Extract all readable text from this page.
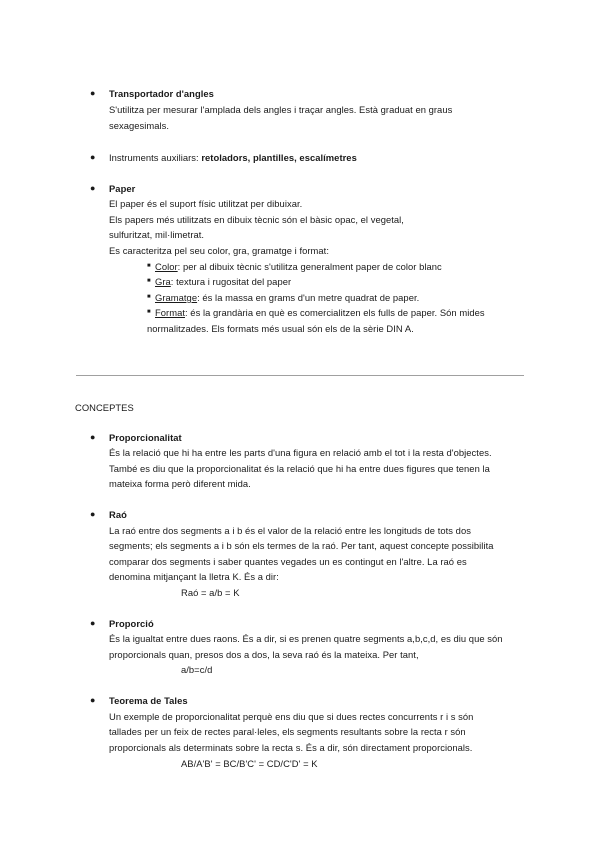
● Transportador d'angles
S'utilitza per mesurar l'amplada dels angles i traçar angles. Està graduat en graus
sexagesimals.
● Instruments auxiliars: retoladors, plantilles, escalímetres
● Paper
El paper és el suport físic utilitzat per dibuixar.
Els papers més utilitzats en dibuix tècnic són el bàsic opac, el vegetal,
sulfuritzat, mil·limetrat.
Es caracteritza pel seu color, gra, gramatge i format:
■ Color: per al dibuix tècnic s'utilitza generalment paper de color blanc
■ Gra: textura i rugositat del paper
■ Gramatge: és la massa en grams d'un metre quadrat de paper.
■ Format: és la grandària en què es comercialitzen els fulls de paper. Són mides
normalitzades. Els formats més usual són els de la sèrie DIN A.
CONCEPTES
● Proporcionalitat
És la relació que hi ha entre les parts d'una figura en relació amb el tot i la resta d'objectes.
També es diu que la proporcionalitat és la relació que hi ha entre dues figures que tenen la
mateixa forma però diferent mida.
● Raó
La raó entre dos segments a i b és el valor de la relació entre les longituds de tots dos
segments; els segments a i b són els termes de la raó. Per tant, aquest concepte possibilita
comparar dos segments i saber quantes vegades un es contingut en l'altre. La raó es
denomina mitjançant la lletra K. És a dir:
Raó = a/b = K
● Proporció
És la igualtat entre dues raons. És a dir, si es prenen quatre segments a,b,c,d, es diu que són
proporcionals quan, presos dos a dos, la seva raó és la mateixa. Per tant,
a/b=c/d
● Teorema de Tales
Un exemple de proporcionalitat perquè ens diu que si dues rectes concurrents r i s són
tallades per un feix de rectes paral·leles, els segments resultants sobre la recta r són
proporcionals als determinats sobre la recta s. És a dir, són directament proporcionals.
AB/A'B' = BC/B'C' = CD/C'D' = K
